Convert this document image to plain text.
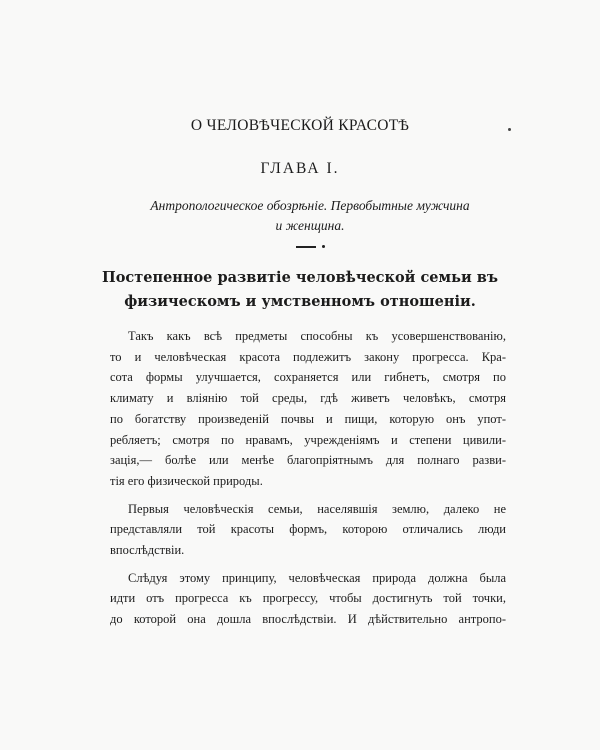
О ЧЕЛОВѢЧЕСКОЙ КРАСОТѢ
ГЛАВА I.
Антропологическое обозрѣніе. Первобытные мужчина
и женщина.
Постепенное развитіе человѣческой семьи въ
физическомъ и умственномъ отношеніи.

Такъ какъ всѣ предметы способны къ усовершенствованію,
то и человѣческая красота подлежитъ закону прогресса. Кра-
сота формы улучшается, сохраняется или гибнетъ, смотря по
климату и вліянію той среды, гдѣ живетъ человѣкъ, смотря
по богатству произведеній почвы и пищи, которую онъ упот-
ребляетъ; смотря по нравамъ, учрежденіямъ и степени цивили-
зація,— болѣе или менѣе благопріятнымъ для полнаго разви-
тія его физической природы.

Первыя человѣческія семьи, населявшія землю, далеко не
представляли той красоты формъ, которою отличались люди
впослѣдствіи.

Слѣдуя этому принципу, человѣческая природа должна была
идти отъ прогресса къ прогрессу, чтобы достигнуть той точки,
до которой она дошла впослѣдствіи. И дѣйствительно антропо-
